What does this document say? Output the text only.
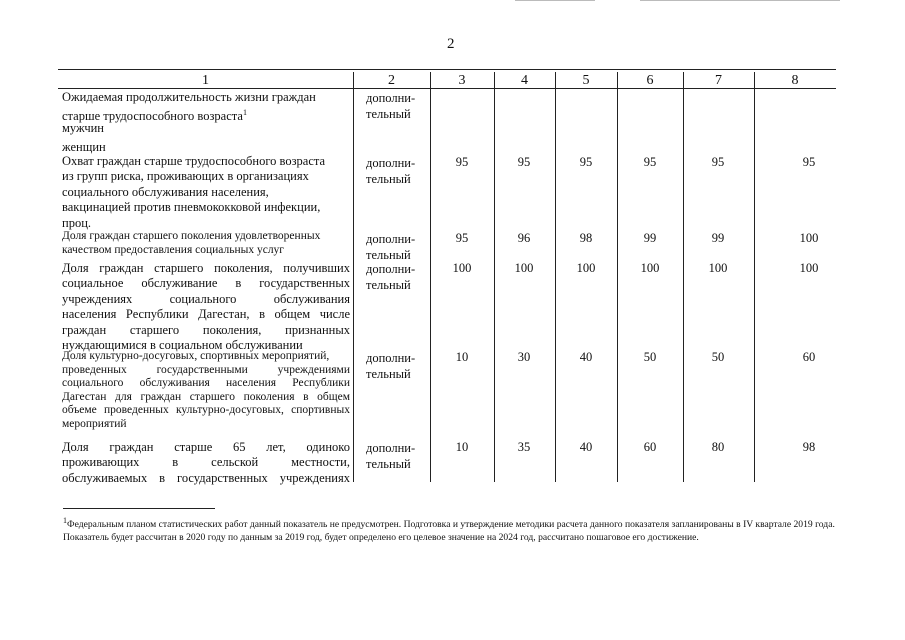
2
1	2	3	4	5	6	7	8
Ожидаемая продолжительность жизни граждан
старше трудоспособного возраста$^1$
дополни-
тельный
мужчин
женщин
Охват граждан старше трудоспособного возраста
из групп риска, проживающих в организациях
социального обслуживания населения,
вакцинацией против пневмококковой инфекции,
проц.
дополни-
тельный
95	95	95	95	95	95
Доля граждан старшего поколения удовлетворенных
качеством предоставления социальных услуг
дополни-
тельный
95	96	98	99	99	100
Доля граждан старшего поколения, получивших
социальное обслуживание в государственных
учреждениях социального обслуживания
населения Республики Дагестан, в общем числе
граждан старшего поколения, признанных
нуждающимися в социальном обслуживании
дополни-
тельный
100	100	100	100	100	100
Доля культурно-досуговых, спортивных мероприятий,
проведенных государственными учреждениями
социального обслуживания населения Республики
Дагестан для граждан старшего поколения в общем
объеме проведенных культурно-досуговых, спортивных
мероприятий
дополни-
тельный
10	30	40	50	50	60
Доля граждан старше 65 лет, одиноко
проживающих в сельской местности,
обслуживаемых в государственных учреждениях
дополни-
тельный
10	35	40	60	80	98
$^1$Федеральным планом статистических работ данный показатель не предусмотрен. Подготовка и утверждение методики расчета данного показателя запланированы в IV квартале 2019 года. Показатель будет рассчитан в 2020 году по данным за 2019 год, будет определено его целевое значение на 2024 год, рассчитано пошаговое его достижение.
